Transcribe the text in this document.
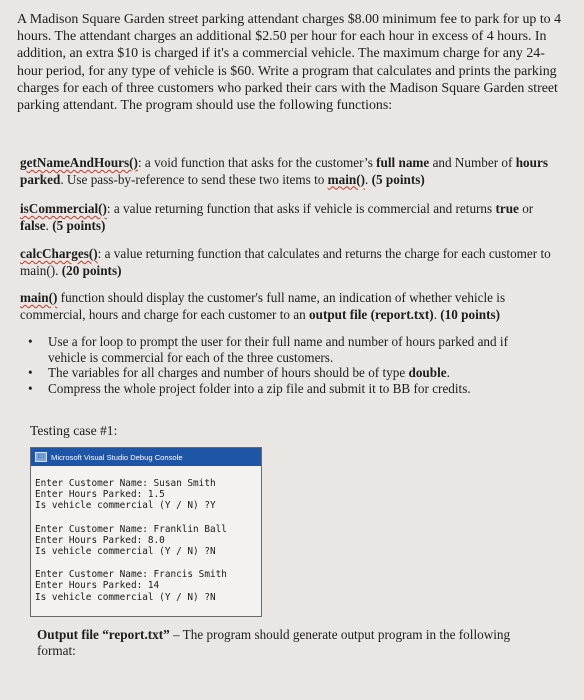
A Madison Square Garden street parking attendant charges $8.00 minimum fee to park for up to 4 hours. The attendant charges an additional $2.50 per hour for each hour in excess of 4 hours. In addition, an extra $10 is charged if it's a commercial vehicle. The maximum charge for any 24-hour period, for any type of vehicle is $60. Write a program that calculates and prints the parking charges for each of three customers who parked their cars with the Madison Square Garden street parking attendant. The program should use the following functions:

getNameAndHours(): a void function that asks for the customer’s full name and Number of hours parked. Use pass-by-reference to send these two items to main(). (5 points)

isCommercial(): a value returning function that asks if vehicle is commercial and returns true or false. (5 points)

calcCharges(): a value returning function that calculates and returns the charge for each customer to main(). (20 points)

main() function should display the customer's full name, an indication of whether vehicle is commercial, hours and charge for each customer to an output file (report.txt). (10 points)

• Use a for loop to prompt the user for their full name and number of hours parked and if vehicle is commercial for each of the three customers.
• The variables for all charges and number of hours should be of type double.
• Compress the whole project folder into a zip file and submit it to BB for credits.

Testing case #1:

C:\ Microsoft Visual Studio Debug Console
Enter Customer Name: Susan Smith
Enter Hours Parked: 1.5
Is vehicle commercial (Y / N) ?Y
Enter Customer Name: Franklin Ball
Enter Hours Parked: 8.0
Is vehicle commercial (Y / N) ?N
Enter Customer Name: Francis Smith
Enter Hours Parked: 14
Is vehicle commercial (Y / N) ?N

Output file “report.txt” – The program should generate output program in the following format:
